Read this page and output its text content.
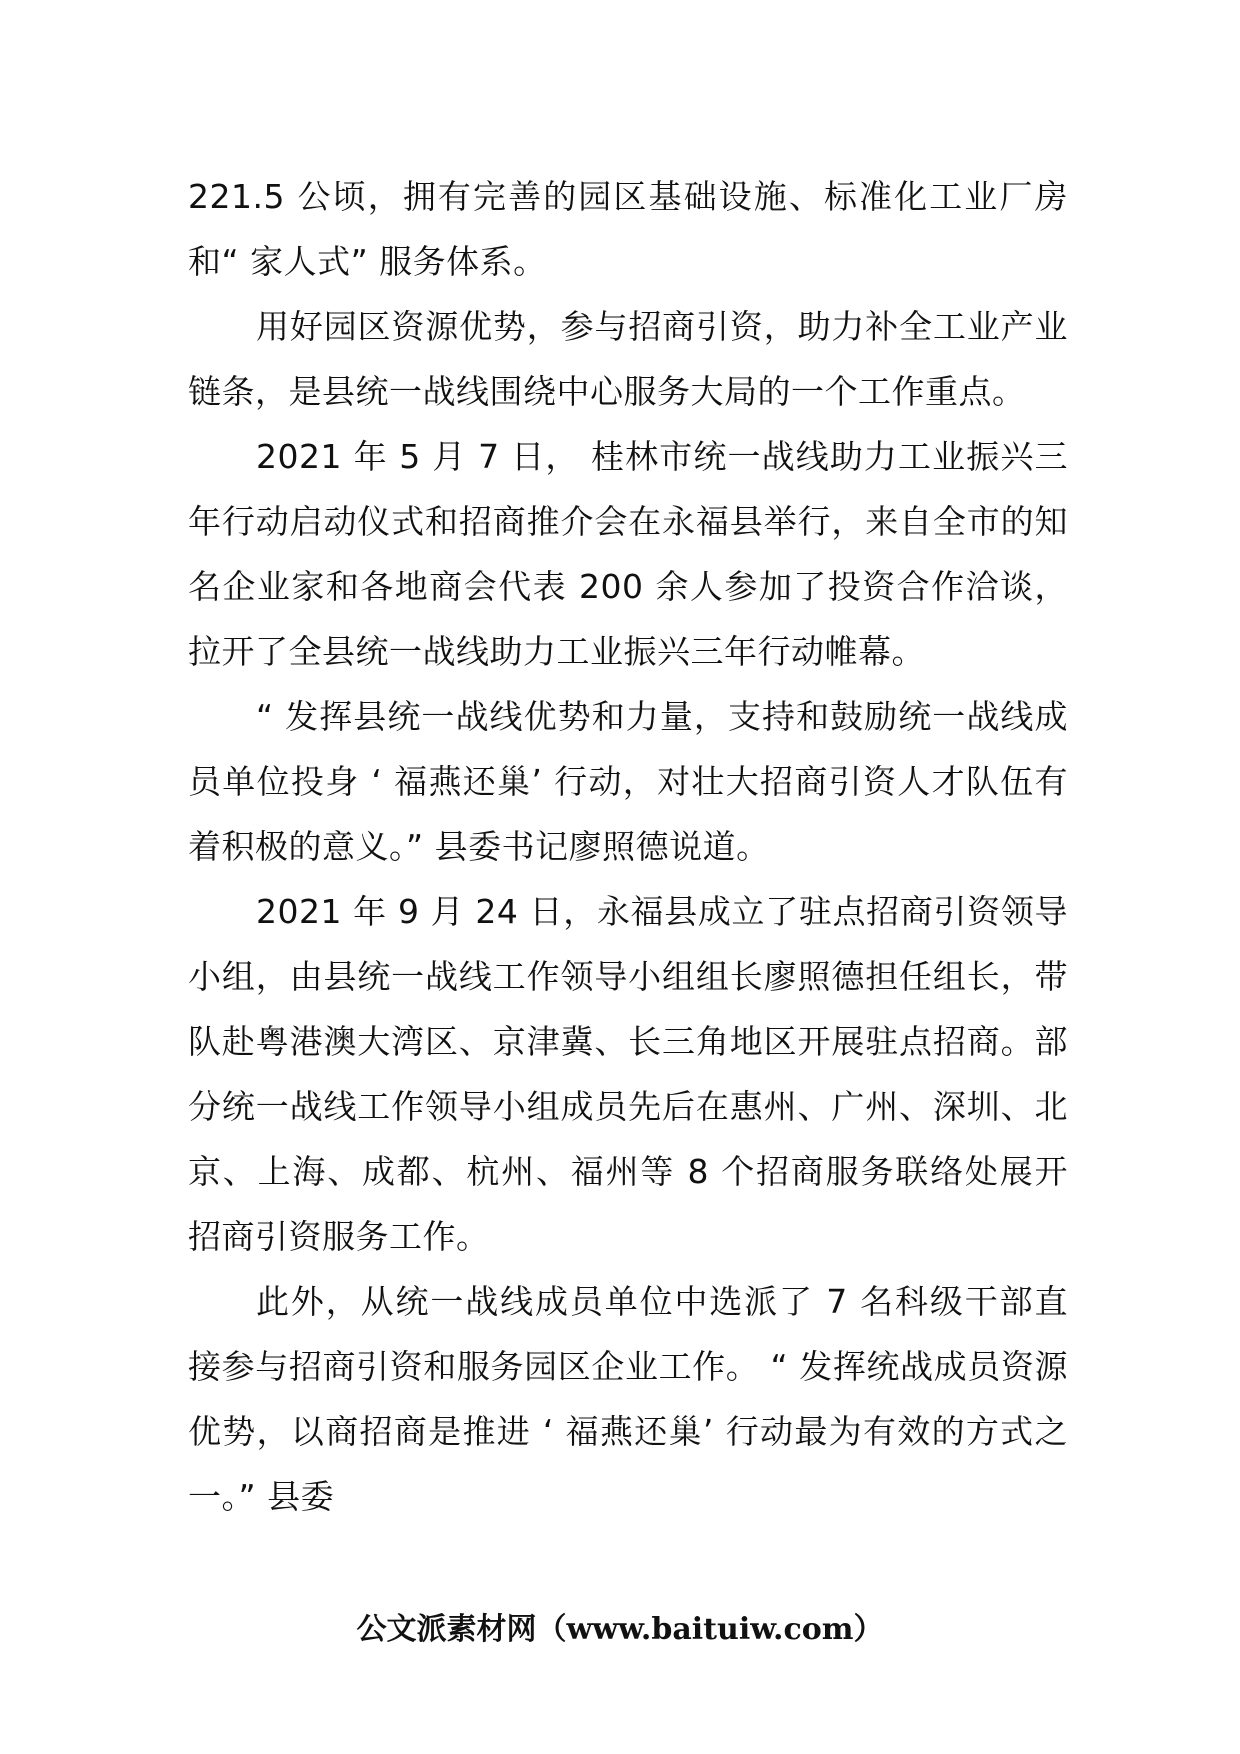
221.5 公顷，拥有完善的园区基础设施、标准化工业厂房和“ 家人式” 服务体系。

用好园区资源优势，参与招商引资，助力补全工业产业链条，是县统一战线围绕中心服务大局的一个工作重点。

2021 年 5 月 7 日， 桂林市统一战线助力工业振兴三年行动启动仪式和招商推介会在永福县举行，来自全市的知名企业家和各地商会代表 200 余人参加了投资合作洽谈，拉开了全县统一战线助力工业振兴三年行动帷幕。

“ 发挥县统一战线优势和力量，支持和鼓励统一战线成员单位投身 ‘ 福燕还巢’ 行动，对壮大招商引资人才队伍有着积极的意义。” 县委书记廖照德说道。

2021 年 9 月 24 日，永福县成立了驻点招商引资领导小组，由县统一战线工作领导小组组长廖照德担任组长，带队赴粤港澳大湾区、京津冀、长三角地区开展驻点招商。部分统一战线工作领导小组成员先后在惠州、广州、深圳、北京、上海、成都、杭州、福州等 8 个招商服务联络处展开招商引资服务工作。

此外，从统一战线成员单位中选派了 7 名科级干部直接参与招商引资和服务园区企业工作。 “ 发挥统战成员资源优势，以商招商是推进 ‘ 福燕还巢’ 行动最为有效的方式之一。” 县委

公文派素材网（www.baituiw.com）
